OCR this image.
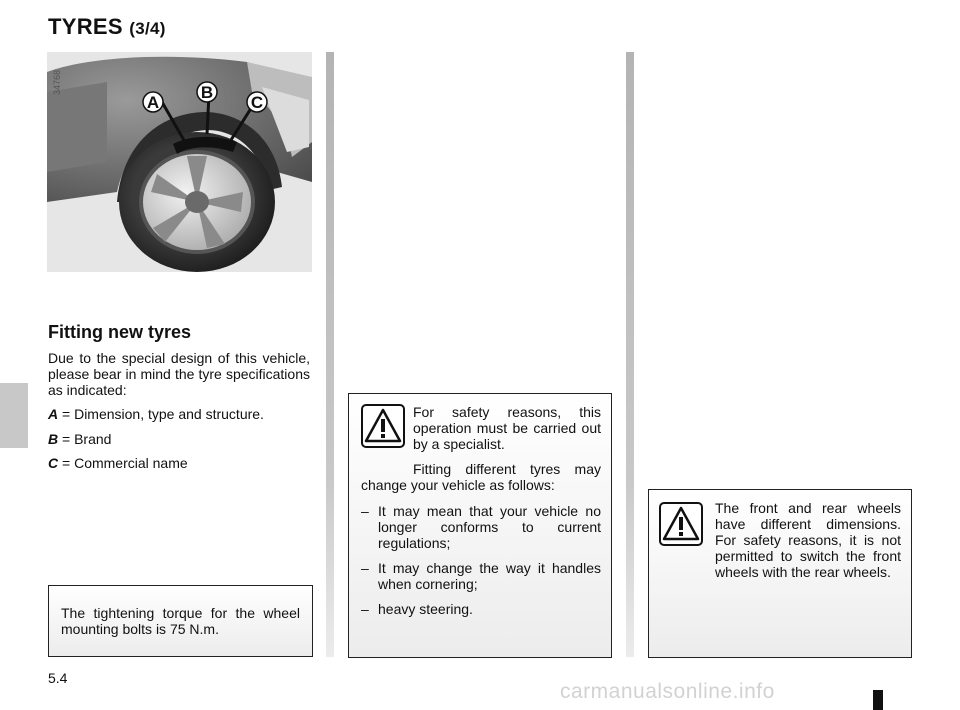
TYRES (3/4)
A
B
C
34768
Fitting new tyres
Due to the special design of this vehicle, please bear in mind the tyre specifications as indicated:
A = Dimension, type and structure.
B = Brand
C = Commercial name

The tightening torque for the wheel mounting bolts is 75 N.m.

For safety reasons, this operation must be carried out by a specialist.

Fitting different tyres may change your vehicle as follows:

– It may mean that your vehicle no longer conforms to current regulations;
– It may change the way it handles when cornering;
– heavy steering.

The front and rear wheels have different dimensions. For safety reasons, it is not permitted to switch the front wheels with the rear wheels.

5.4
carmanualsonline.info
